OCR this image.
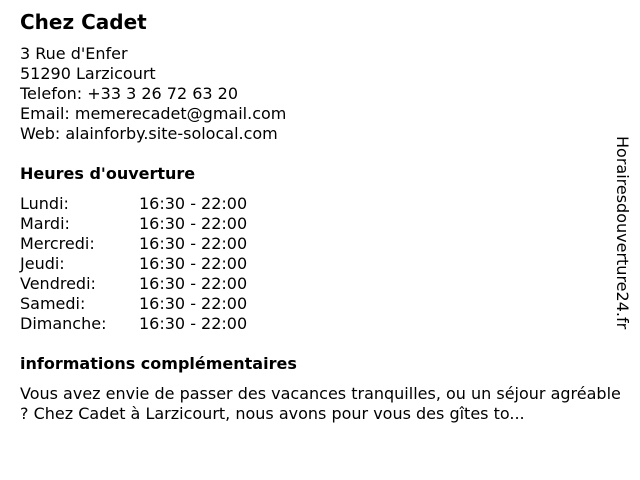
Chez Cadet
3 Rue d'Enfer
51290 Larzicourt
Telefon: +33 3 26 72 63 20
Email: memerecadet@gmail.com
Web: alainforby.site-solocal.com
Heures d'ouverture
Lundi:	16:30 - 22:00
Mardi:	16:30 - 22:00
Mercredi:	16:30 - 22:00
Jeudi:	16:30 - 22:00
Vendredi:	16:30 - 22:00
Samedi:	16:30 - 22:00
Dimanche:	16:30 - 22:00
informations complémentaires
Vous avez envie de passer des vacances tranquilles, ou un séjour agréable ? Chez Cadet à Larzicourt, nous avons pour vous des gîtes to...
Horairesdouverture24.fr
